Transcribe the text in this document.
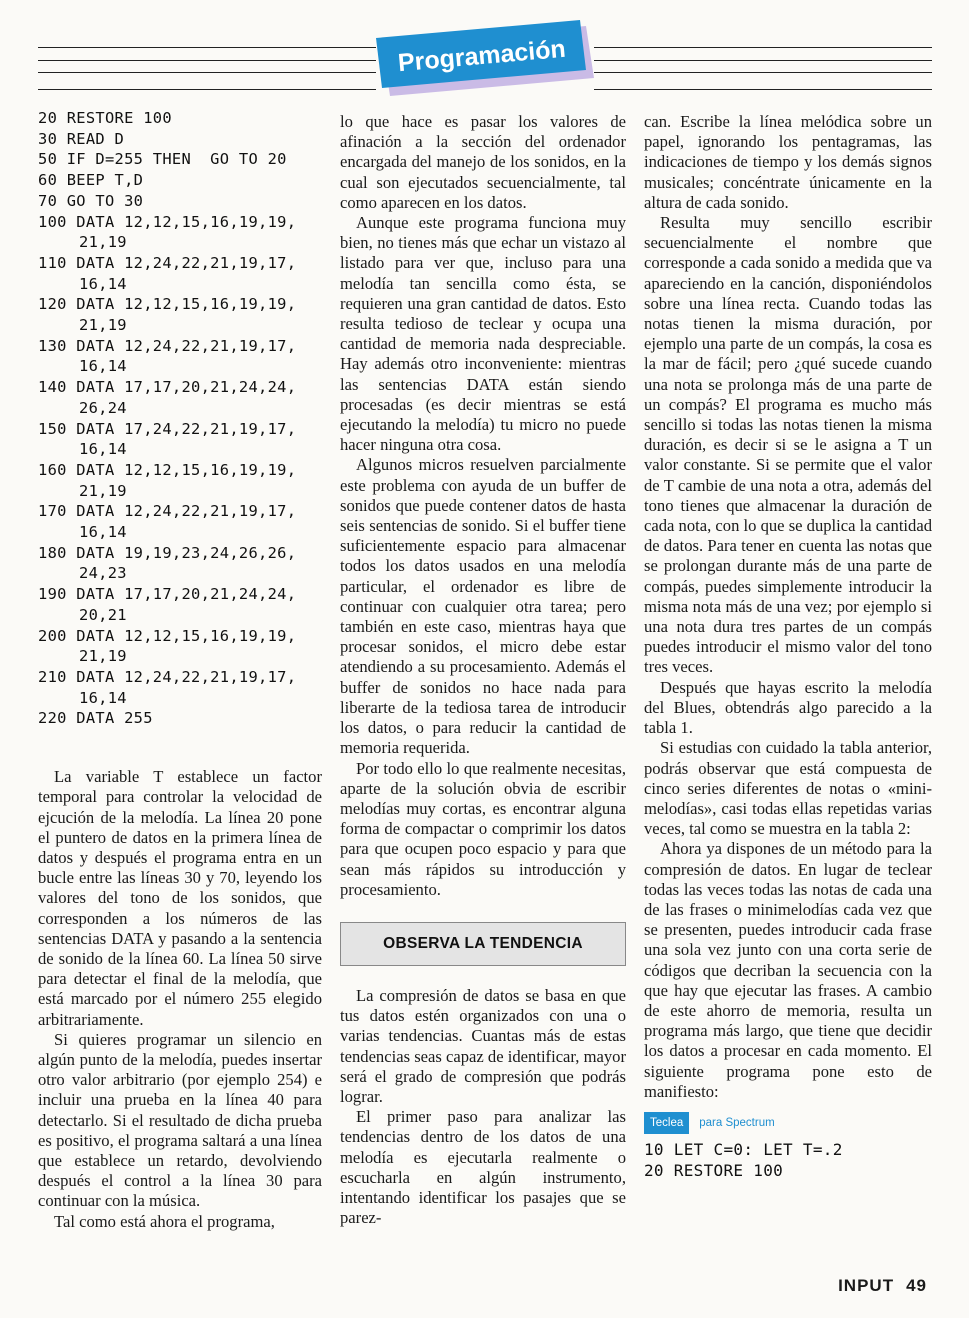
Programación
20 RESTORE 100
30 READ D
50 IF D=255 THEN  GO TO 20
60 BEEP T,D
70 GO TO 30
100 DATA 12,12,15,16,19,19,
21,19
110 DATA 12,24,22,21,19,17,
16,14
120 DATA 12,12,15,16,19,19,
21,19
130 DATA 12,24,22,21,19,17,
16,14
140 DATA 17,17,20,21,24,24,
26,24
150 DATA 17,24,22,21,19,17,
16,14
160 DATA 12,12,15,16,19,19,
21,19
170 DATA 12,24,22,21,19,17,
16,14
180 DATA 19,19,23,24,26,26,
24,23
190 DATA 17,17,20,21,24,24,
20,21
200 DATA 12,12,15,16,19,19,
21,19
210 DATA 12,24,22,21,19,17,
16,14
220 DATA 255

La variable T establece un factor temporal para controlar la velocidad de ejcución de la melodía. La línea 20 pone el puntero de datos en la primera línea de datos y después el programa entra en un bucle entre las líneas 30 y 70, leyendo los valores del tono de los sonidos, que corresponden a los números de las sentencias DATA y pasando a la sentencia de sonido de la línea 60. La línea 50 sirve para detectar el final de la melodía, que está marcado por el número 255 elegido arbitrariamente.

Si quieres programar un silencio en algún punto de la melodía, puedes insertar otro valor arbitrario (por ejemplo 254) e incluir una prueba en la línea 40 para detectarlo. Si el resultado de dicha prueba es positivo, el programa saltará a una línea que establece un retardo, devolviendo después el control a la línea 30 para continuar con la música.

Tal como está ahora el programa,

lo que hace es pasar los valores de afinación a la sección del ordenador encargada del manejo de los sonidos, en la cual son ejecutados secuencialmente, tal como aparecen en los datos.

Aunque este programa funciona muy bien, no tienes más que echar un vistazo al listado para ver que, incluso para una melodía tan sencilla como ésta, se requieren una gran cantidad de datos. Esto resulta tedioso de teclear y ocupa una cantidad de memoria nada despreciable. Hay además otro inconveniente: mientras las sentencias DATA están siendo procesadas (es decir mientras se está ejecutando la melodía) tu micro no puede hacer ninguna otra cosa.

Algunos micros resuelven parcialmente este problema con ayuda de un buffer de sonidos que puede contener datos de hasta seis sentencias de sonido. Si el buffer tiene suficientemente espacio para almacenar todos los datos usados en una melodía particular, el ordenador es libre de continuar con cualquier otra tarea; pero también en este caso, mientras haya que procesar sonidos, el micro debe estar atendiendo a su procesamiento. Además el buffer de sonidos no hace nada para liberarte de la tediosa tarea de introducir los datos, o para reducir la cantidad de memoria requerida.

Por todo ello lo que realmente necesitas, aparte de la solución obvia de escribir melodías muy cortas, es encontrar alguna forma de compactar o comprimir los datos para que ocupen poco espacio y para que sean más rápidos su introducción y procesamiento.

OBSERVA LA TENDENCIA

La compresión de datos se basa en que tus datos estén organizados con una o varias tendencias. Cuantas más de estas tendencias seas capaz de identificar, mayor será el grado de compresión que podrás lograr.

El primer paso para analizar las tendencias dentro de los datos de una melodía es ejecutarla realmente o escucharla en algún instrumento, intentando identificar los pasajes que se parez-

can. Escribe la línea melódica sobre un papel, ignorando los pentagramas, las indicaciones de tiempo y los demás signos musicales; concéntrate únicamente en la altura de cada sonido.

Resulta muy sencillo escribir secuencialmente el nombre que corresponde a cada sonido a medida que va apareciendo en la canción, disponiéndolos sobre una línea recta. Cuando todas las notas tienen la misma duración, por ejemplo una parte de un compás, la cosa es la mar de fácil; pero ¿qué sucede cuando una nota se prolonga más de una parte de un compás? El programa es mucho más sencillo si todas las notas tienen la misma duración, es decir si se le asigna a T un valor constante. Si se permite que el valor de T cambie de una nota a otra, además del tono tienes que almacenar la duración de cada nota, con lo que se duplica la cantidad de datos. Para tener en cuenta las notas que se prolongan durante más de una parte de compás, puedes simplemente introducir la misma nota más de una vez; por ejemplo si una nota dura tres partes de un compás puedes introducir el mismo valor del tono tres veces.

Después que hayas escrito la melodía del Blues, obtendrás algo parecido a la tabla 1.

Si estudias con cuidado la tabla anterior, podrás observar que está compuesta de cinco series diferentes de notas o «mini-melodías», casi todas ellas repetidas varias veces, tal como se muestra en la tabla 2:

Ahora ya dispones de un método para la compresión de datos. En lugar de teclear todas las veces todas las notas de cada una de las frases o minimelodías cada vez que se presenten, puedes introducir cada frase una sola vez junto con una corta serie de códigos que decriban la secuencia con la que hay que ejecutar las frases. A cambio de este ahorro de memoria, resulta un programa más largo, que tiene que decidir los datos a procesar en cada momento. El siguiente programa pone esto de manifiesto:

Teclea	para Spectrum
10 LET C=0: LET T=.2
20 RESTORE 100
INPUT 49
